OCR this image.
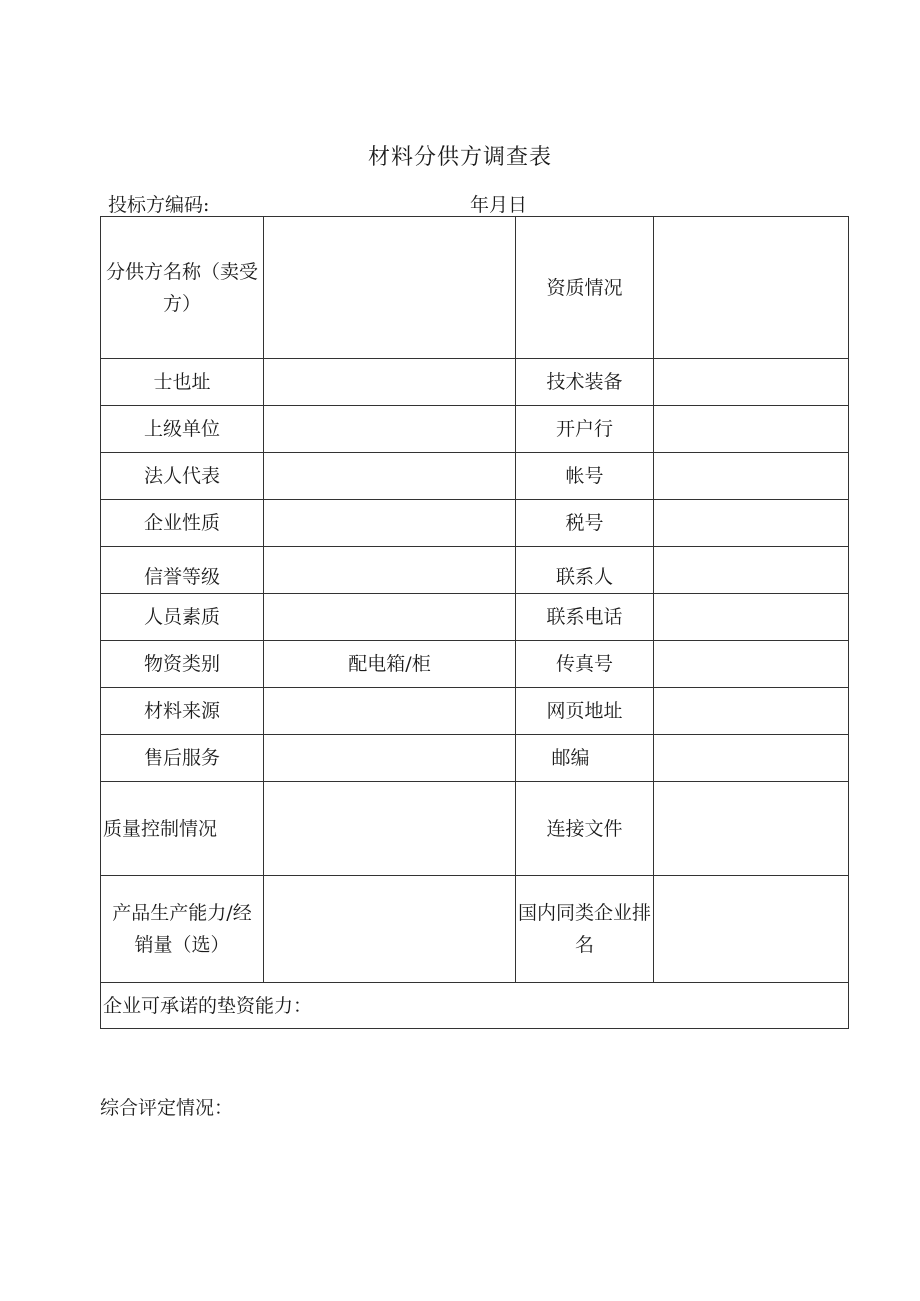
材料分供方调查表
投标方编码:	年月日
分供方名称（卖受方）		资质情况	
士也址		技术装备	
上级单位		开户行	
法人代表		帐号	
企业性质		税号	
信誉等级		联系人	
人员素质		联系电话	
物资类别	配电箱/柜	传真号	
材料来源		网页地址	
售后服务		邮编	
质量控制情况		连接文件	
产品生产能力/经销量（选）		国内同类企业排名	
企业可承诺的垫资能力：			
综合评定情况：
